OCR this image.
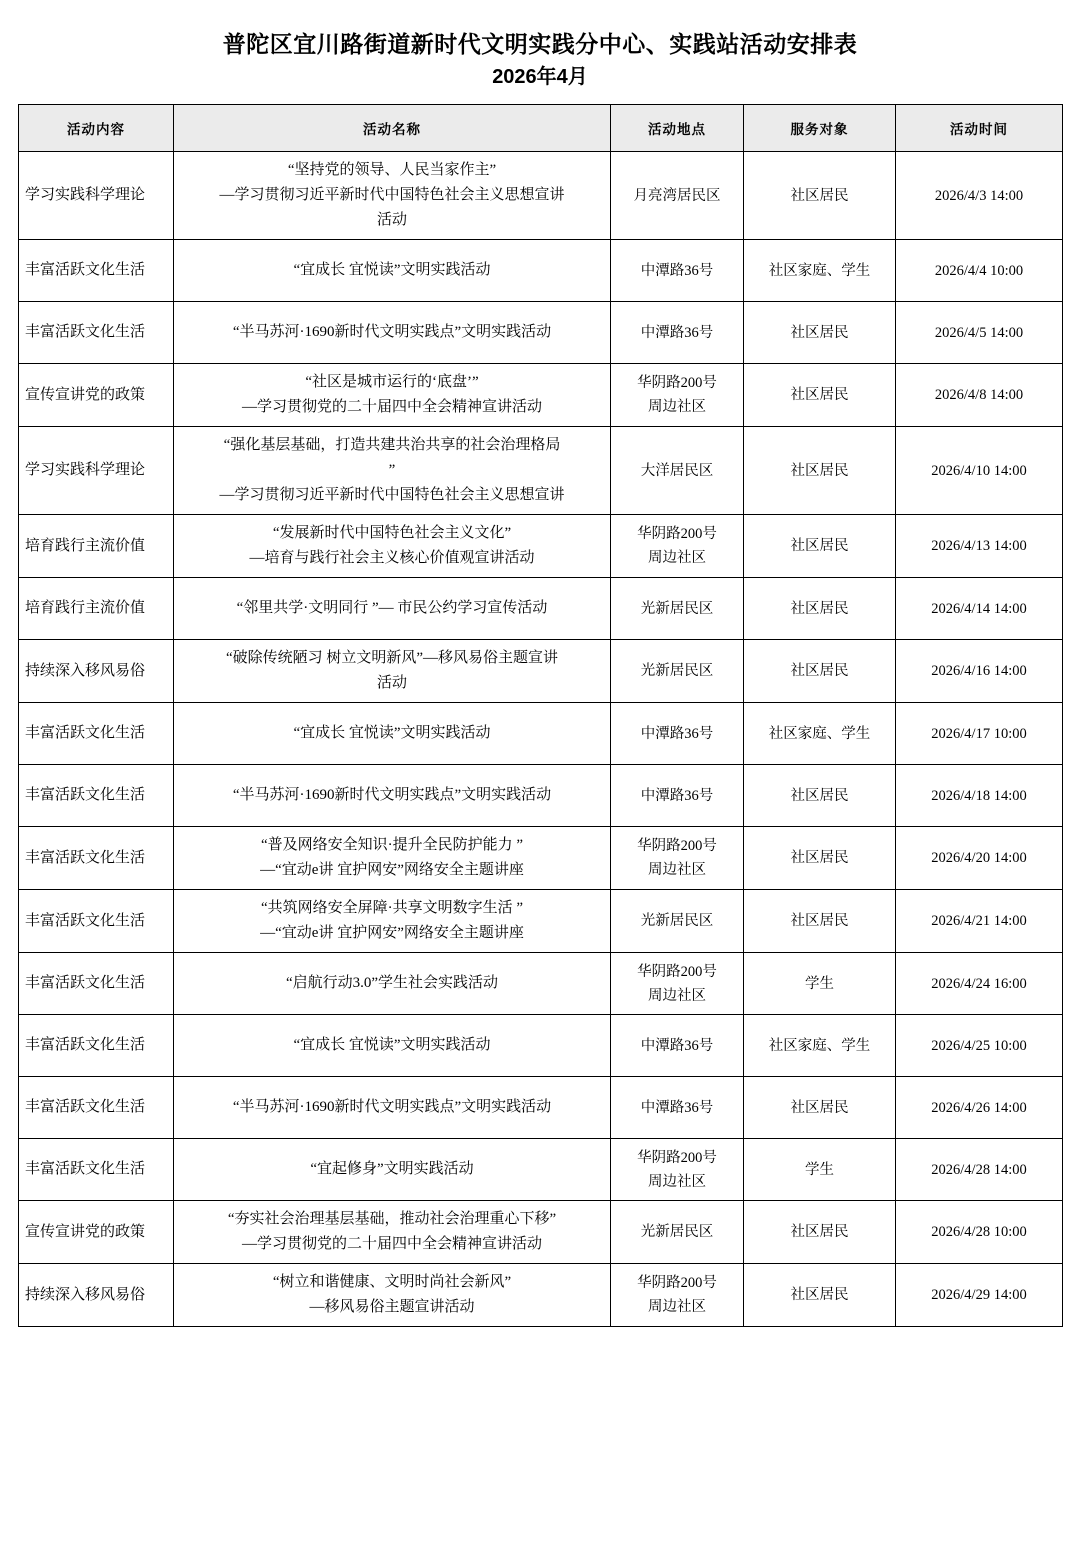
普陀区宜川路街道新时代文明实践分中心、实践站活动安排表
2026年4月
活动内容	活动名称	活动地点	服务对象	活动时间
学习实践科学理论	“坚持党的领导、人民当家作主”
—学习贯彻习近平新时代中国特色社会主义思想宣讲
活动	月亮湾居民区	社区居民	2026/4/3 14:00
丰富活跃文化生活	“宜成长 宜悦读”文明实践活动	中潭路36号	社区家庭、学生	2026/4/4 10:00
丰富活跃文化生活	“半马苏河·1690新时代文明实践点”文明实践活动	中潭路36号	社区居民	2026/4/5 14:00
宣传宣讲党的政策	“社区是城市运行的‘底盘’”
—学习贯彻党的二十届四中全会精神宣讲活动	华阴路200号
周边社区	社区居民	2026/4/8 14:00
学习实践科学理论	“强化基层基础，打造共建共治共享的社会治理格局
”
—学习贯彻习近平新时代中国特色社会主义思想宣讲	大洋居民区	社区居民	2026/4/10 14:00
培育践行主流价值	“发展新时代中国特色社会主义文化”
—培育与践行社会主义核心价值观宣讲活动	华阴路200号
周边社区	社区居民	2026/4/13 14:00
培育践行主流价值	“邻里共学·文明同行 ”— 市民公约学习宣传活动	光新居民区	社区居民	2026/4/14 14:00
持续深入移风易俗	“破除传统陋习 树立文明新风”—移风易俗主题宣讲
活动	光新居民区	社区居民	2026/4/16 14:00
丰富活跃文化生活	“宜成长 宜悦读”文明实践活动	中潭路36号	社区家庭、学生	2026/4/17 10:00
丰富活跃文化生活	“半马苏河·1690新时代文明实践点”文明实践活动	中潭路36号	社区居民	2026/4/18 14:00
丰富活跃文化生活	“普及网络安全知识·提升全民防护能力 ”
—“宜动e讲 宜护网安”网络安全主题讲座	华阴路200号
周边社区	社区居民	2026/4/20 14:00
丰富活跃文化生活	“共筑网络安全屏障·共享文明数字生活 ”
—“宜动e讲 宜护网安”网络安全主题讲座	光新居民区	社区居民	2026/4/21 14:00
丰富活跃文化生活	“启航行动3.0”学生社会实践活动	华阴路200号
周边社区	学生	2026/4/24 16:00
丰富活跃文化生活	“宜成长 宜悦读”文明实践活动	中潭路36号	社区家庭、学生	2026/4/25 10:00
丰富活跃文化生活	“半马苏河·1690新时代文明实践点”文明实践活动	中潭路36号	社区居民	2026/4/26 14:00
丰富活跃文化生活	“宜起修身”文明实践活动	华阴路200号
周边社区	学生	2026/4/28 14:00
宣传宣讲党的政策	“夯实社会治理基层基础，推动社会治理重心下移”
—学习贯彻党的二十届四中全会精神宣讲活动	光新居民区	社区居民	2026/4/28 10:00
持续深入移风易俗	“树立和谐健康、文明时尚社会新风”
—移风易俗主题宣讲活动	华阴路200号
周边社区	社区居民	2026/4/29 14:00
